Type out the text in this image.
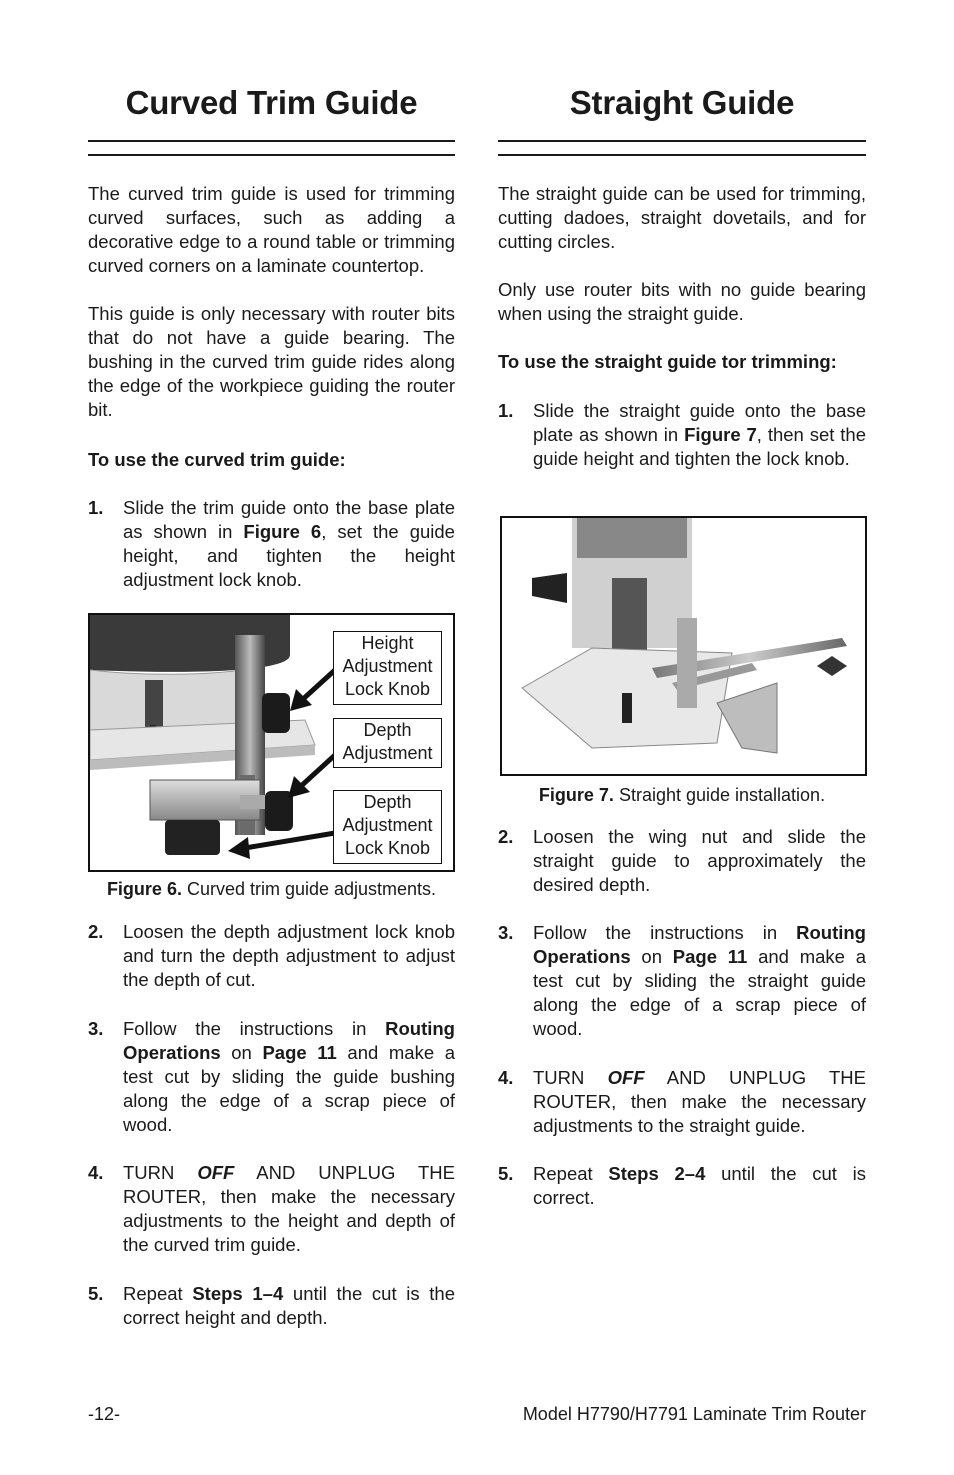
Curved Trim Guide

The curved trim guide is used for trimming curved surfaces, such as adding a decorative edge to a round table or trimming curved corners on a laminate countertop.

This guide is only necessary with router bits that do not have a guide bearing. The bushing in the curved trim guide rides along the edge of the workpiece guiding the router bit.

To use the curved trim guide:

1. Slide the trim guide onto the base plate as shown in Figure 6, set the guide height, and tighten the height adjustment lock knob.
Height Adjustment Lock Knob
Depth Adjustment
Depth Adjustment Lock Knob
Figure 6. Curved trim guide adjustments.
2. Loosen the depth adjustment lock knob and turn the depth adjustment to adjust the depth of cut.
3. Follow the instructions in Routing Operations on Page 11 and make a test cut by sliding the guide bushing along the edge of a scrap piece of wood.
4. TURN OFF AND UNPLUG THE ROUTER, then make the necessary adjustments to the height and depth of the curved trim guide.
5. Repeat Steps 1–4 until the cut is the correct height and depth.
Straight Guide

The straight guide can be used for trimming, cutting dadoes, straight dovetails, and for cutting circles.

Only use router bits with no guide bearing when using the straight guide.

To use the straight guide tor trimming:

1. Slide the straight guide onto the base plate as shown in Figure 7, then set the guide height and tighten the lock knob.
Figure 7. Straight guide installation.
2. Loosen the wing nut and slide the straight guide to approximately the desired depth.
3. Follow the instructions in Routing Operations on Page 11 and make a test cut by sliding the straight guide along the edge of a scrap piece of wood.
4. TURN OFF AND UNPLUG THE ROUTER, then make the necessary adjustments to the straight guide.
5. Repeat Steps 2–4 until the cut is correct.
-12-	Model H7790/H7791 Laminate Trim Router
